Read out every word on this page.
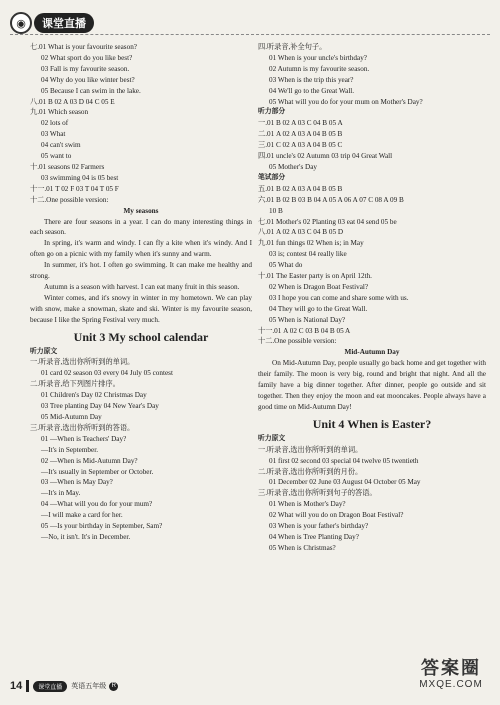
◉	课堂直播
七.01 What is your favourite season?
02 What sport do you like best?
03 Fall is my favourite season.
04 Why do you like winter best?
05 Because I can swim in the lake.
八.01 B 02 A 03 D 04 C 05 E
九.01 Which season
02 lots of
03 What
04 can't swim
05 want to
十.01 seasons 02 Farmers
03 swimming 04 is 05 best
十一.01 T 02 F 03 T 04 T 05 F
十二.One possible version:
My seasons
There are four seasons in a year. I can do many interesting things in each season.
In spring, it's warm and windy. I can fly a kite when it's windy. And I often go on a picnic with my family when it's sunny and warm.
In summer, it's hot. I often go swimming. It can make me healthy and strong.
Autumn is a season with harvest. I can eat many fruit in this season.
Winter comes, and it's snowy in winter in my hometown. We can play with snow, make a snowman, skate and ski. Winter is my favourite season, because I like the Spring Festival very much.
Unit 3 My school calendar
听力原文
一.听录音,选出你所听到的单词。
01 card 02 season 03 every 04 July 05 contest
二.听录音,给下列图片排序。
01 Children's Day 02 Christmas Day
03 Tree planting Day 04 New Year's Day
05 Mid-Autumn Day
三.听录音,选出你所听到的答语。
01 —When is Teachers' Day?
—It's in September.
02 —When is Mid-Autumn Day?
—It's usually in September or October.
03 —When is May Day?
—It's in May.
04 —What will you do for your mum?
—I will make a card for her.
05 —Is your birthday in September, Sam?
—No, it isn't. It's in December.
四.听录音,补全句子。
01 When is your uncle's birthday?
02 Autumn is my favourite season.
03 When is the trip this year?
04 We'll go to the Great Wall.
05 What will you do for your mum on Mother's Day?
听力部分
一.01 B 02 A 03 C 04 B 05 A
二.01 A 02 A 03 A 04 B 05 B
三.01 C 02 A 03 A 04 B 05 C
四.01 uncle's 02 Autumn 03 trip 04 Great Wall
05 Mother's Day
笔试部分
五.01 B 02 A 03 A 04 B 05 B
六.01 B 02 B 03 B 04 A 05 A 06 A 07 C 08 A 09 B
10 B
七.01 Mother's 02 Planting 03 eat 04 send 05 be
八.01 A 02 A 03 C 04 B 05 D
九.01 fun things 02 When is; in May
03 is; contest 04 really like
05 What do
十.01 The Easter party is on April 12th.
02 When is Dragon Boat Festival?
03 I hope you can come and share some with us.
04 They will go to the Great Wall.
05 When is National Day?
十一.01 A 02 C 03 B 04 B 05 A
十二.One possible version:
Mid-Autumn Day
On Mid-Autumn Day, people usually go back home and get together with their family. The moon is very big, round and bright that night. And all the family have a big dinner together. After dinner, people go outside and sit together. Then they enjoy the moon and eat mooncakes. People always have a good time on Mid-Autumn Day!
Unit 4 When is Easter?
听力原文
一.听录音,选出你所听到的单词。
01 first 02 second 03 special 04 twelve 05 twentieth
二.听录音,选出你所听到的月份。
01 December 02 June 03 August 04 October 05 May
三.听录音,选出你所听到句子的答语。
01 When is Mother's Day?
02 What will you do on Dragon Boat Festival?
03 When is your father's birthday?
04 When is Tree Planting Day?
05 When is Christmas?
14	课堂直播	英语五年级 R
答案圈
MXQE.COM
